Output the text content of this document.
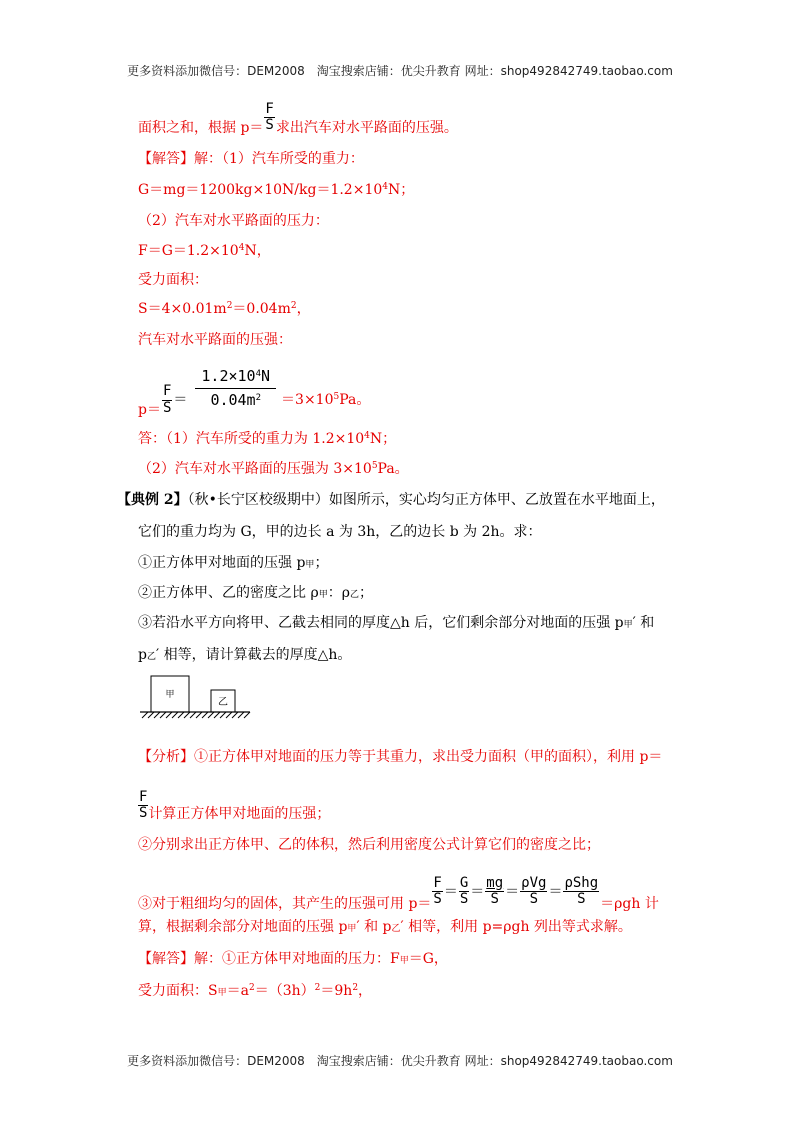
更多资料添加微信号：DEM2008　淘宝搜索店铺：优尖升教育 网址：shop492842749.taobao.com
面积之和，根据 $p= \frac{F}{S}$ 求出汽车对水平路面的压强。
【解答】解：（1）汽车所受的重力：
$G=mg=1200kg\times 10N/kg=1.2\times 10^4N$；
（2）汽车对水平路面的压力：
$F=G=1.2\times 10^4N$，
受力面积：
$S=4\times 0.01m^2=0.04m^2$，
汽车对水平路面的压强：
$p= \frac{F}{S} = \frac{1.2\times 10^4N}{0.04m^2} =3\times 10^5Pa$。
答：（1）汽车所受的重力为 $1.2\times 10^4N$；
（2）汽车对水平路面的压强为 $3\times 10^5Pa$。
【典例 2】（秋•长宁区校级期中）如图所示，实心均匀正方体甲、乙放置在水平地面上，
它们的重力均为 G，甲的边长 a 为 3h，乙的边长 b 为 2h。求：
①正方体甲对地面的压强 p甲；
②正方体甲、乙的密度之比 ρ甲：ρ乙；
③若沿水平方向将甲、乙截去相同的厚度△h 后，它们剩余部分对地面的压强 p甲′ 和
p乙′ 相等，请计算截去的厚度△h。
甲
乙
【分析】①正方体甲对地面的压力等于其重力，求出受力面积（甲的面积），利用 p＝
$\frac{F}{S}$ 计算正方体甲对地面的压强；
②分别求出正方体甲、乙的体积，然后利用密度公式计算它们的密度之比；
③对于粗细均匀的固体，其产生的压强可用 $p= \frac{F}{S} = \frac{G}{S} = \frac{mg}{S} = \frac{\text{ρVg}}{S} = \frac{\text{ρShg}}{S} =\rho gh$ 计
算，根据剩余部分对地面的压强 p甲′ 和 p乙′ 相等，利用 p=ρgh 列出等式求解。
【解答】解：①正方体甲对地面的压力：F甲＝G，
受力面积：S甲$=a^2=(3h)^2=9h^2$，
更多资料添加微信号：DEM2008　淘宝搜索店铺：优尖升教育 网址：shop492842749.taobao.com
